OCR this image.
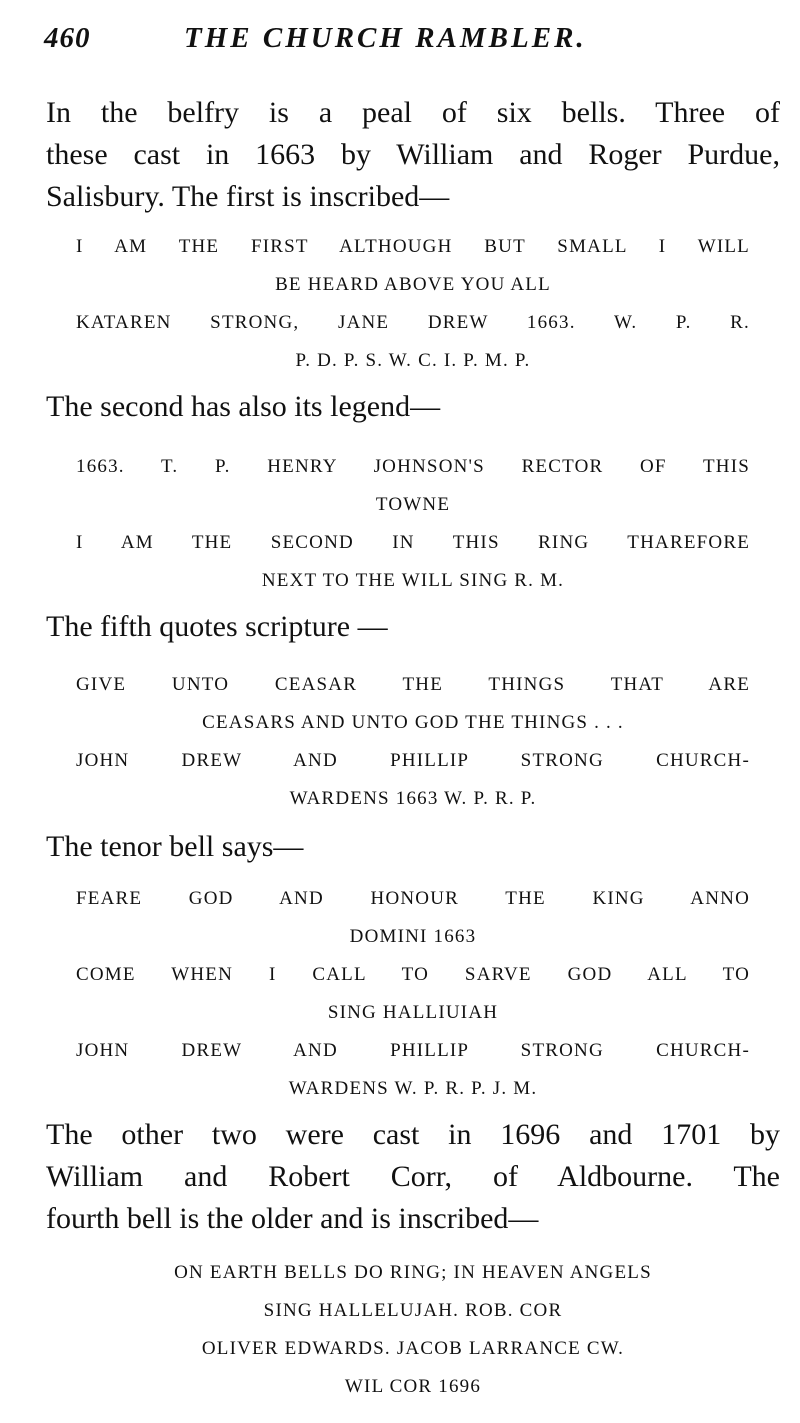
460	THE CHURCH RAMBLER.
In the belfry is a peal of six bells. Three of
these cast in 1663 by William and Roger Purdue,
Salisbury. The first is inscribed—
I AM THE FIRST ALTHOUGH BUT SMALL I WILL
BE HEARD ABOVE YOU ALL
KATAREN STRONG, JANE DREW 1663. W. P. R.
P. D. P. S. W. C. I. P. M. P.
The second has also its legend—
1663. T. P. HENRY JOHNSON'S RECTOR OF THIS
TOWNE
I AM THE SECOND IN THIS RING THAREFORE
NEXT TO THE WILL SING R. M.
The fifth quotes scripture —
GIVE UNTO CEASAR THE THINGS THAT ARE
CEASARS AND UNTO GOD THE THINGS . . .
JOHN DREW AND PHILLIP STRONG CHURCH-
WARDENS 1663 W. P. R. P.
The tenor bell says—
FEARE GOD AND HONOUR THE KING ANNO
DOMINI 1663
COME WHEN I CALL TO SARVE GOD ALL TO
SING HALLIUIAH
JOHN DREW AND PHILLIP STRONG CHURCH-
WARDENS W. P. R. P. J. M.
The other two were cast in 1696 and 1701 by
William and Robert Corr, of Aldbourne. The
fourth bell is the older and is inscribed—
ON EARTH BELLS DO RING; IN HEAVEN ANGELS
SING HALLELUJAH. ROB. COR
OLIVER EDWARDS. JACOB LARRANCE CW.
WIL COR 1696
